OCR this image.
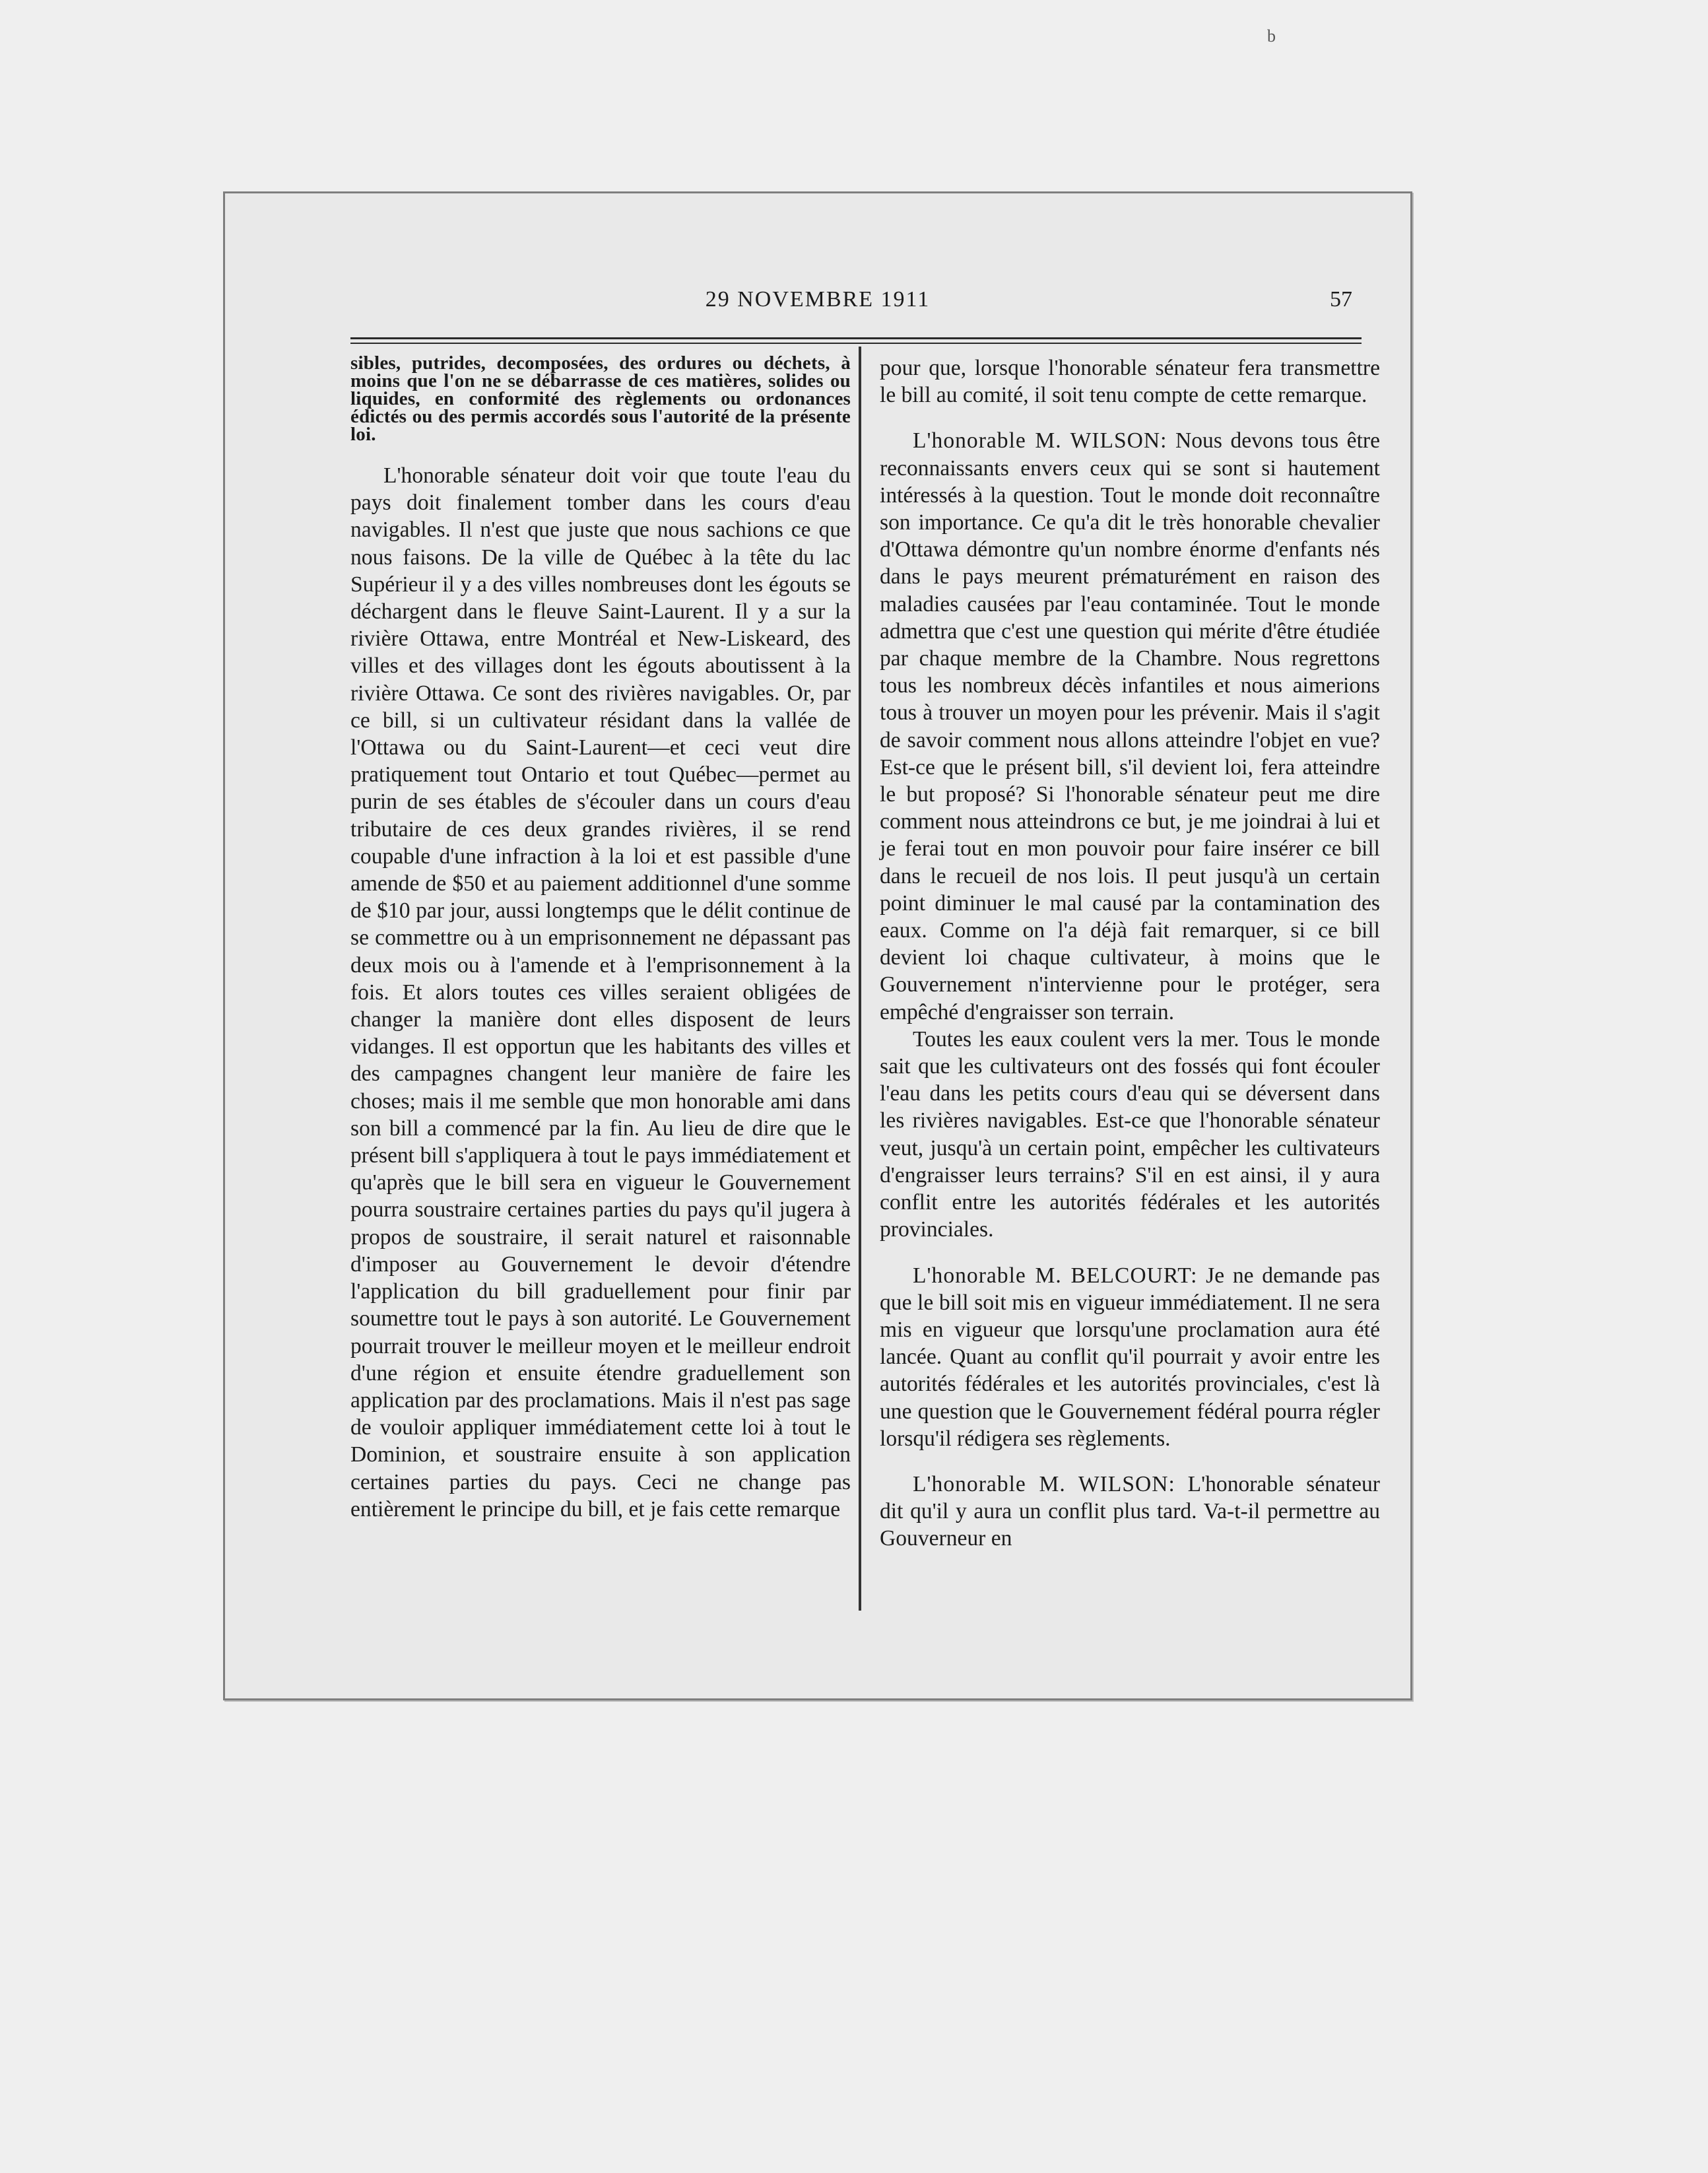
b
29 NOVEMBRE 1911	57

sibles, putrides, decomposées, des ordures ou déchets, à moins que l'on ne se débarrasse de ces matières, solides ou liquides, en conformité des règlements ou ordonances édictés ou des permis accordés sous l'autorité de la présente loi.

L'honorable sénateur doit voir que toute l'eau du pays doit finalement tomber dans les cours d'eau navigables. Il n'est que juste que nous sachions ce que nous faisons. De la ville de Québec à la tête du lac Supérieur il y a des villes nombreuses dont les égouts se déchargent dans le fleuve Saint-Laurent. Il y a sur la rivière Ottawa, entre Montréal et New-Liskeard, des villes et des villages dont les égouts aboutissent à la rivière Ottawa. Ce sont des rivières navigables. Or, par ce bill, si un cultivateur résidant dans la vallée de l'Ottawa ou du Saint-Laurent—et ceci veut dire pratiquement tout Ontario et tout Québec—permet au purin de ses étables de s'écouler dans un cours d'eau tributaire de ces deux grandes rivières, il se rend coupable d'une infraction à la loi et est passible d'une amende de $50 et au paiement additionnel d'une somme de $10 par jour, aussi longtemps que le délit continue de se commettre ou à un emprisonnement ne dépassant pas deux mois ou à l'amende et à l'emprisonnement à la fois. Et alors toutes ces villes seraient obligées de changer la manière dont elles disposent de leurs vidanges. Il est opportun que les habitants des villes et des campagnes changent leur manière de faire les choses; mais il me semble que mon honorable ami dans son bill a commencé par la fin. Au lieu de dire que le présent bill s'appliquera à tout le pays immédiatement et qu'après que le bill sera en vigueur le Gouvernement pourra soustraire certaines parties du pays qu'il jugera à propos de soustraire, il serait naturel et raisonnable d'imposer au Gouvernement le devoir d'étendre l'application du bill graduellement pour finir par soumettre tout le pays à son autorité. Le Gouvernement pourrait trouver le meilleur moyen et le meilleur endroit d'une région et ensuite étendre graduellement son application par des proclamations. Mais il n'est pas sage de vouloir appliquer immédiatement cette loi à tout le Dominion, et soustraire ensuite à son application certaines parties du pays. Ceci ne change pas entièrement le principe du bill, et je fais cette remarque

pour que, lorsque l'honorable sénateur fera transmettre le bill au comité, il soit tenu compte de cette remarque.

L'honorable M. WILSON: Nous devons tous être reconnaissants envers ceux qui se sont si hautement intéressés à la question. Tout le monde doit reconnaître son importance. Ce qu'a dit le très honorable chevalier d'Ottawa démontre qu'un nombre énorme d'enfants nés dans le pays meurent prématurément en raison des maladies causées par l'eau contaminée. Tout le monde admettra que c'est une question qui mérite d'être étudiée par chaque membre de la Chambre. Nous regrettons tous les nombreux décès infantiles et nous aimerions tous à trouver un moyen pour les prévenir. Mais il s'agit de savoir comment nous allons atteindre l'objet en vue? Est-ce que le présent bill, s'il devient loi, fera atteindre le but proposé? Si l'honorable sénateur peut me dire comment nous atteindrons ce but, je me joindrai à lui et je ferai tout en mon pouvoir pour faire insérer ce bill dans le recueil de nos lois. Il peut jusqu'à un certain point diminuer le mal causé par la contamination des eaux. Comme on l'a déjà fait remarquer, si ce bill devient loi chaque cultivateur, à moins que le Gouvernement n'intervienne pour le protéger, sera empêché d'engraisser son terrain.

Toutes les eaux coulent vers la mer. Tous le monde sait que les cultivateurs ont des fossés qui font écouler l'eau dans les petits cours d'eau qui se déversent dans les rivières navigables. Est-ce que l'honorable sénateur veut, jusqu'à un certain point, empêcher les cultivateurs d'engraisser leurs terrains? S'il en est ainsi, il y aura conflit entre les autorités fédérales et les autorités provinciales.

L'honorable M. BELCOURT: Je ne demande pas que le bill soit mis en vigueur immédiatement. Il ne sera mis en vigueur que lorsqu'une proclamation aura été lancée. Quant au conflit qu'il pourrait y avoir entre les autorités fédérales et les autorités provinciales, c'est là une question que le Gouvernement fédéral pourra régler lorsqu'il rédigera ses règlements.

L'honorable M. WILSON: L'honorable sénateur dit qu'il y aura un conflit plus tard. Va-t-il permettre au Gouverneur en
